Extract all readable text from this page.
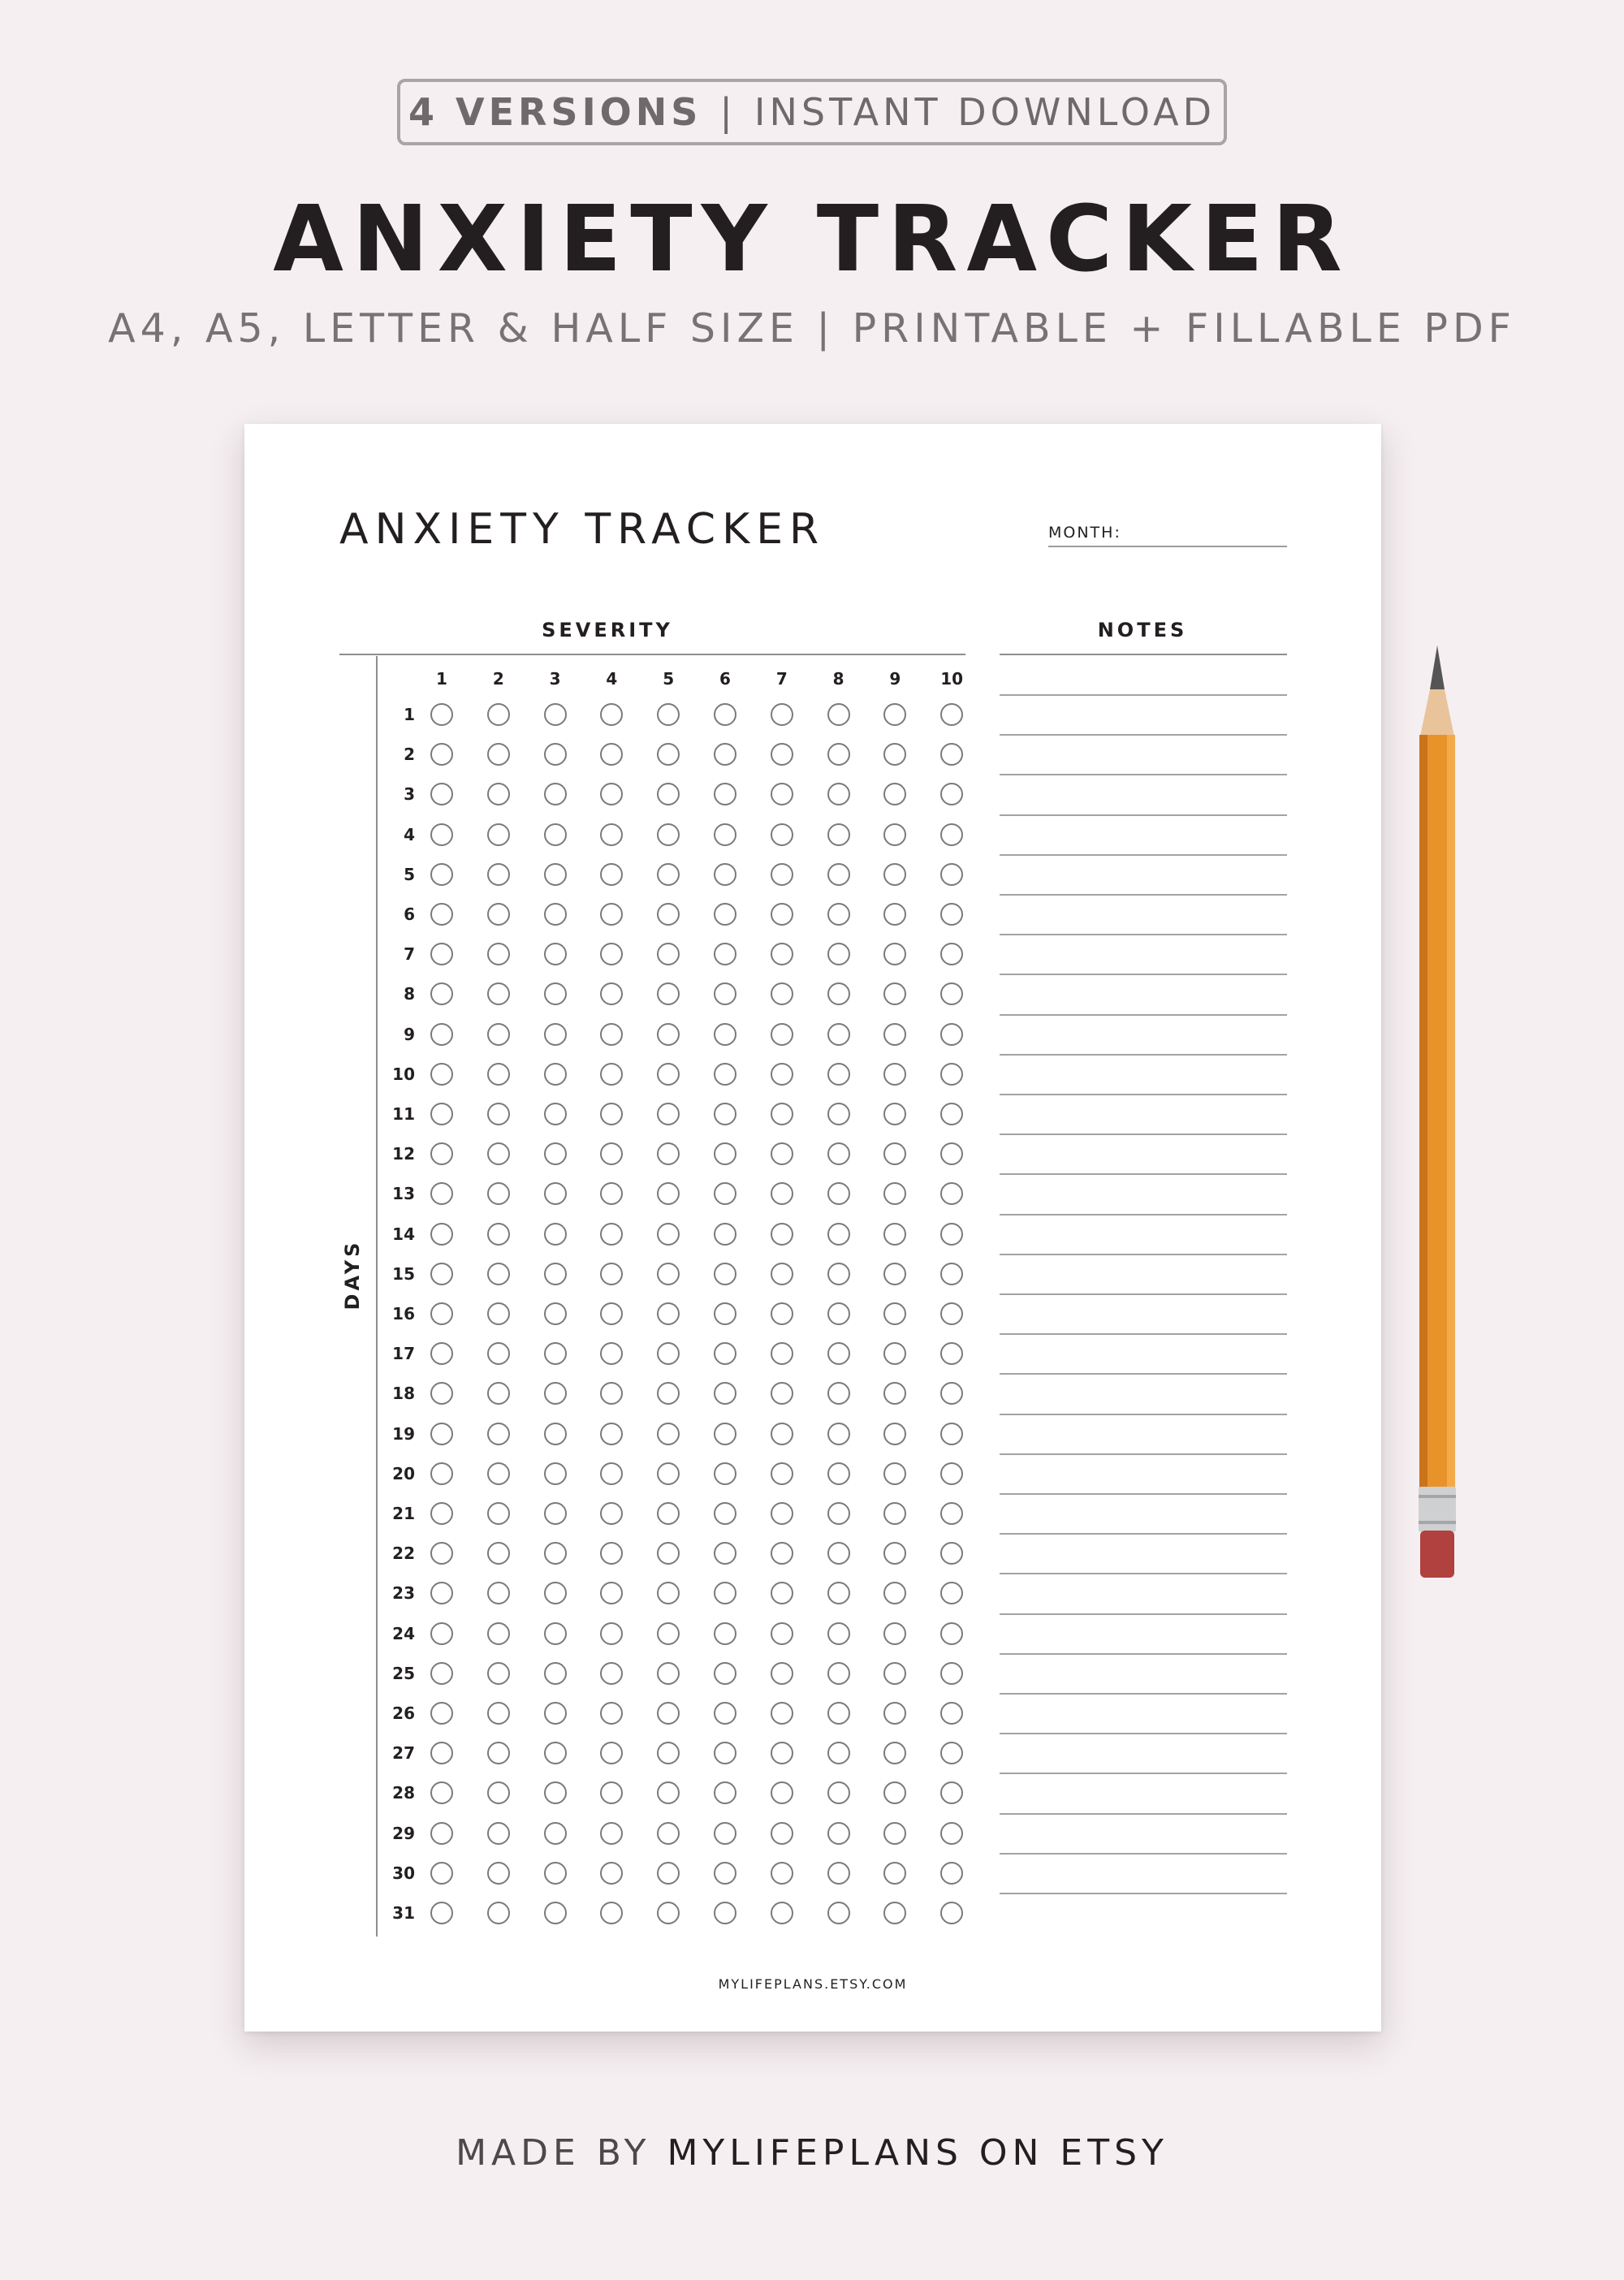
4 VERSIONS | INSTANT DOWNLOAD
ANXIETY TRACKER
A4, A5, LETTER & HALF SIZE | PRINTABLE + FILLABLE PDF
ANXIETY TRACKER	MONTH:
SEVERITY	NOTES
DAYS
1	2	3	4	5	6	7	8	9	10
1
2
3
4
5
6
7
8
9
10
11
12
13
14
15
16
17
18
19
20
21
22
23
24
25
26
27
28
29
30
31
MYLIFEPLANS.ETSY.COM
MADE BY MYLIFEPLANS ON ETSY
